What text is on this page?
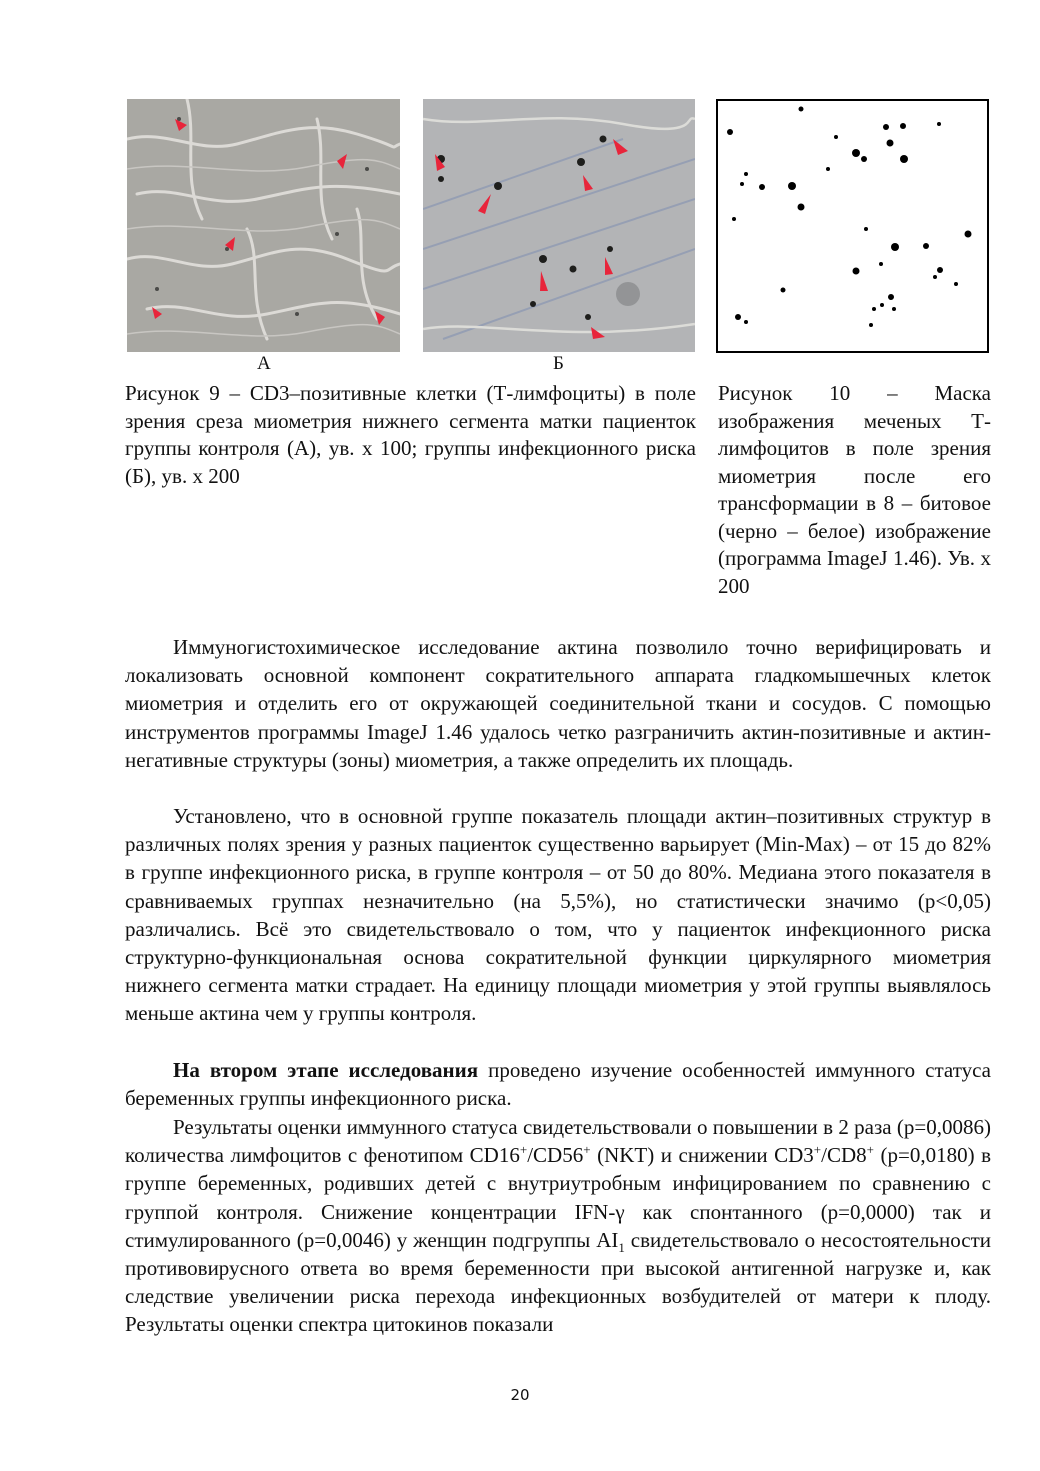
А	Б
Рисунок 9 – CD3–позитивные клетки (Т-лимфоциты) в поле зрения среза миометрия нижнего сегмента матки пациенток группы контроля (А), ув. х 100; группы инфекционного риска (Б), ув. х 200
Рисунок 10 – Маска изображения меченых Т-лимфоцитов в поле зрения миометрия после его трансформации в 8 – битовое (черно – белое) изображение (программа ImageJ 1.46). Ув. х 200

Иммуногистохимическое исследование актина позволило точно верифицировать и локализовать основной компонент сократительного аппарата гладкомышечных клеток миометрия и отделить его от окружающей соединительной ткани и сосудов. С помощью инструментов программы ImageJ 1.46 удалось четко разграничить актин-позитивные и актин-негативные структуры (зоны) миометрия, а также определить их площадь.

Установлено, что в основной группе показатель площади актин–позитивных структур в различных полях зрения у разных пациенток существенно варьирует (Min-Max) – от 15 до 82% в группе инфекционного риска, в группе контроля – от 50 до 80%. Медиана этого показателя в сравниваемых группах незначительно (на 5,5%), но статистически значимо (р<0,05) различались. Всё это свидетельствовало о том, что у пациенток инфекционного риска структурно-функциональная основа сократительной функции циркулярного миометрия нижнего сегмента матки страдает. На единицу площади миометрия у этой группы выявлялось меньше актина чем у группы контроля.

На втором этапе исследования проведено изучение особенностей иммунного статуса беременных группы инфекционного риска.

Результаты оценки иммунного статуса свидетельствовали о повышении в 2 раза (р=0,0086) количества лимфоцитов с фенотипом CD16+/CD56+ (NKT) и снижении CD3+/CD8+ (р=0,0180) в группе беременных, родивших детей с внутриутробным инфицированием по сравнению с группой контроля. Снижение концентрации IFN-γ как спонтанного (р=0,0000) так и стимулированного (р=0,0046) у женщин подгруппы $AI_1$ свидетельствовало о несостоятельности противовирусного ответа во время беременности при высокой антигенной нагрузке и, как следствие увеличении риска перехода инфекционных возбудителей от матери к плоду. Результаты оценки спектра цитокинов показали

20
